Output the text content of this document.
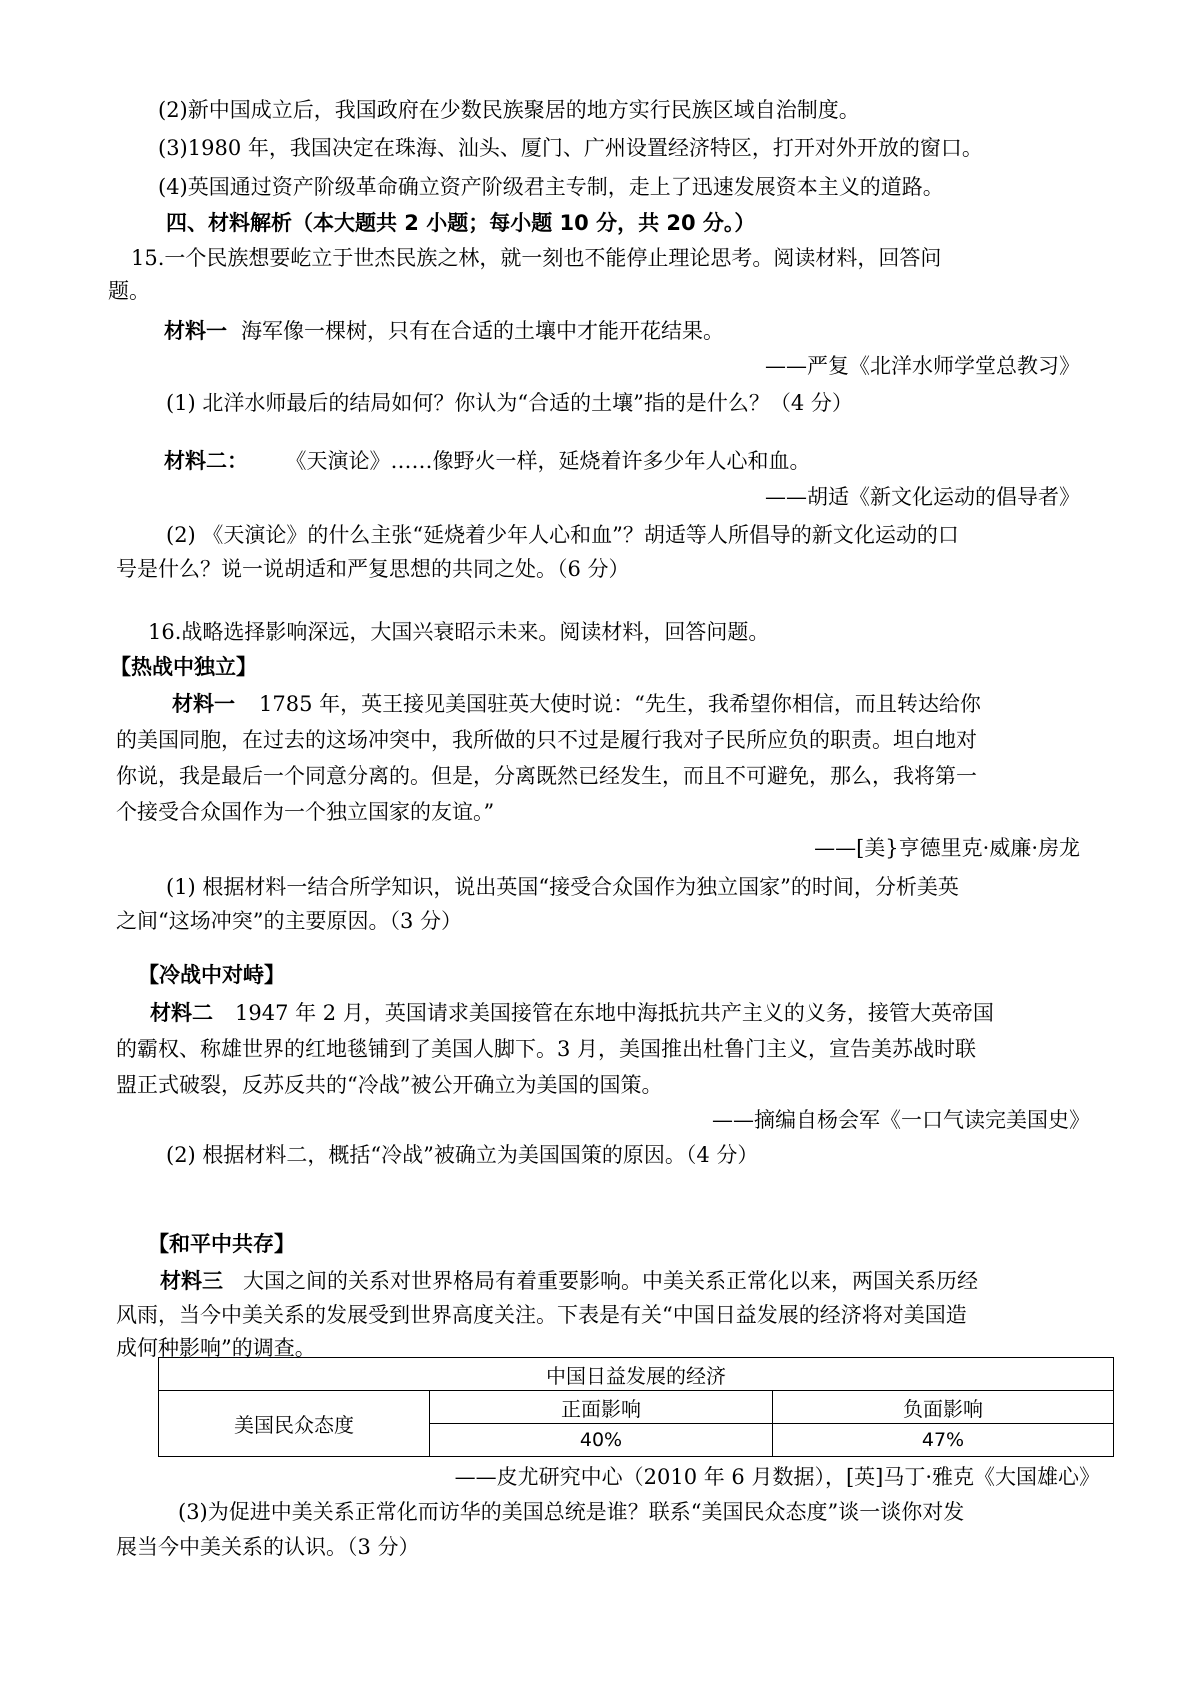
(2)新中国成立后，我国政府在少数民族聚居的地方实行民族区域自治制度。
(3)1980 年，我国决定在珠海、汕头、厦门、广州设置经济特区，打开对外开放的窗口。
(4)英国通过资产阶级革命确立资产阶级君主专制，走上了迅速发展资本主义的道路。
四、材料解析（本大题共 2 小题；每小题 10 分，共 20 分。）
15.一个民族想要屹立于世杰民族之林，就一刻也不能停止理论思考。阅读材料，回答问
题。
材料一 海军像一棵树，只有在合适的土壤中才能开花结果。
——严复《北洋水师学堂总教习》
(1) 北洋水师最后的结局如何？你认为“合适的土壤”指的是什么？（4 分）
材料二： 《天演论》……像野火一样，延烧着许多少年人心和血。
——胡适《新文化运动的倡导者》
(2) 《天演论》的什么主张“延烧着少年人心和血”？胡适等人所倡导的新文化运动的口
号是什么？说一说胡适和严复思想的共同之处。（6 分）
16.战略选择影响深远，大国兴衰昭示未来。阅读材料，回答问题。
【热战中独立】
材料一 1785 年，英王接见美国驻英大使时说：“先生，我希望你相信，而且转达给你
的美国同胞，在过去的这场冲突中，我所做的只不过是履行我对子民所应负的职责。坦白地对
你说，我是最后一个同意分离的。但是，分离既然已经发生，而且不可避免，那么，我将第一
个接受合众国作为一个独立国家的友谊。”
——[美}亨德里克·威廉·房龙
(1) 根据材料一结合所学知识，说出英国“接受合众国作为独立国家”的时间，分析美英
之间“这场冲突”的主要原因。（3 分）
【冷战中对峙】
材料二 1947 年 2 月，英国请求美国接管在东地中海抵抗共产主义的义务，接管大英帝国
的霸权、称雄世界的红地毯铺到了美国人脚下。3 月，美国推出杜鲁门主义，宣告美苏战时联
盟正式破裂，反苏反共的“冷战”被公开确立为美国的国策。
——摘编自杨会军《一口气读完美国史》
(2) 根据材料二，概括“冷战”被确立为美国国策的原因。（4 分）
【和平中共存】
材料三 大国之间的关系对世界格局有着重要影响。中美关系正常化以来，两国关系历经
风雨，当今中美关系的发展受到世界高度关注。下表是有关“中国日益发展的经济将对美国造
成何种影响”的调查。
中国日益发展的经济		
美国民众态度	正面影响	负面影响
	40%	47%
——皮尤研究中心（2010 年 6 月数据），[英]马丁·雅克《大国雄心》
(3)为促进中美关系正常化而访华的美国总统是谁？联系“美国民众态度”谈一谈你对发
展当今中美关系的认识。（3 分）
